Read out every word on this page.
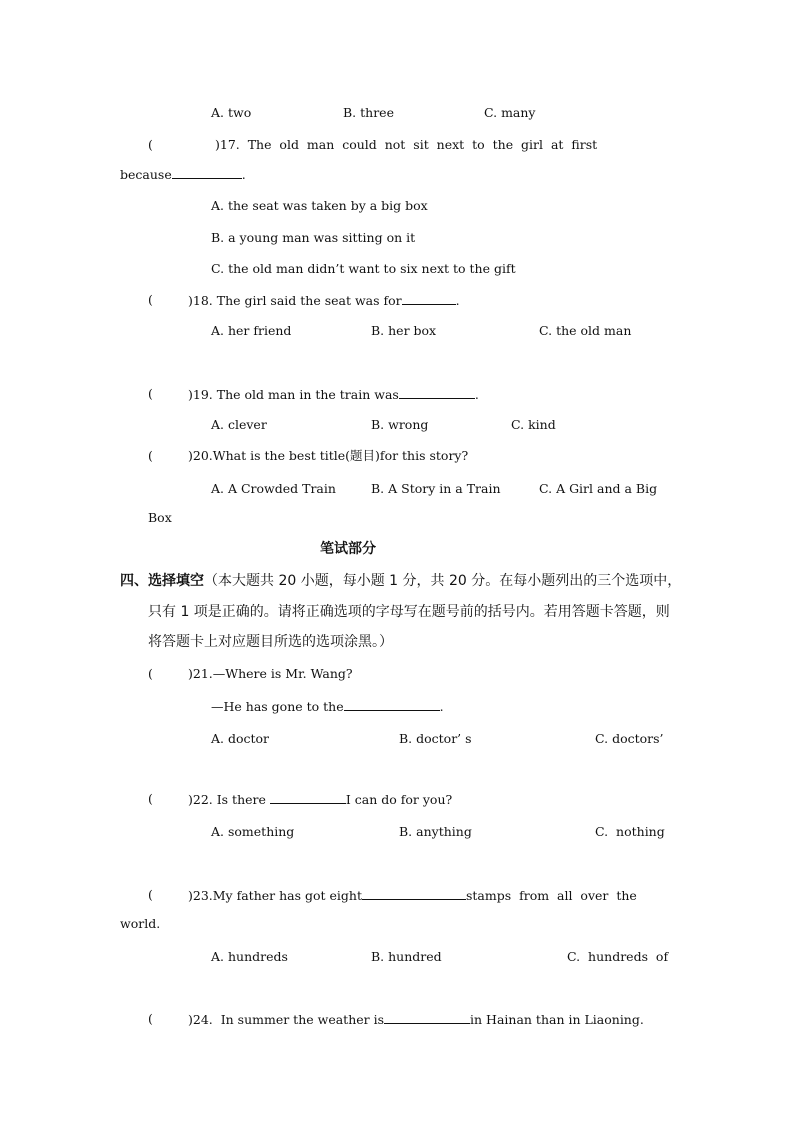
A. two	B. three	C. many
(	)17.  The  old  man  could  not  sit  next  to  the  girl  at  first
because	.
A. the seat was taken by a big box
B. a young man was sitting on it
C. the old man didn’t want to six next to the gift
(	)18. The girl said the seat was for	.
A. her friend	B. her box	C. the old man
(	)19. The old man in the train was	.
A. clever	B. wrong	C. kind
(	)20.What is the best title(题目)for this story?
A. A Crowded Train	B. A Story in a Train	C. A Girl and a Big
Box
笔试部分
四、选择填空（本大题共 20 小题，每小题 1 分，共 20 分。在每小题列出的三个选项中，
只有 1 项是正确的。请将正确选项的字母写在题号前的括号内。若用答题卡答题，则
将答题卡上对应题目所选的选项涂黑。）
(	)21.—Where is Mr. Wang?
—He has gone to the	.
A. doctor	B. doctor’ s	C. doctors’
(	)22. Is there	I can do for you?
A. something	B. anything	C.  nothing
(	)23.My father has got eight	stamps  from  all  over  the
world.
A. hundreds	B. hundred	C.  hundreds  of
(	)24.  In summer the weather is	in Hainan than in Liaoning.
